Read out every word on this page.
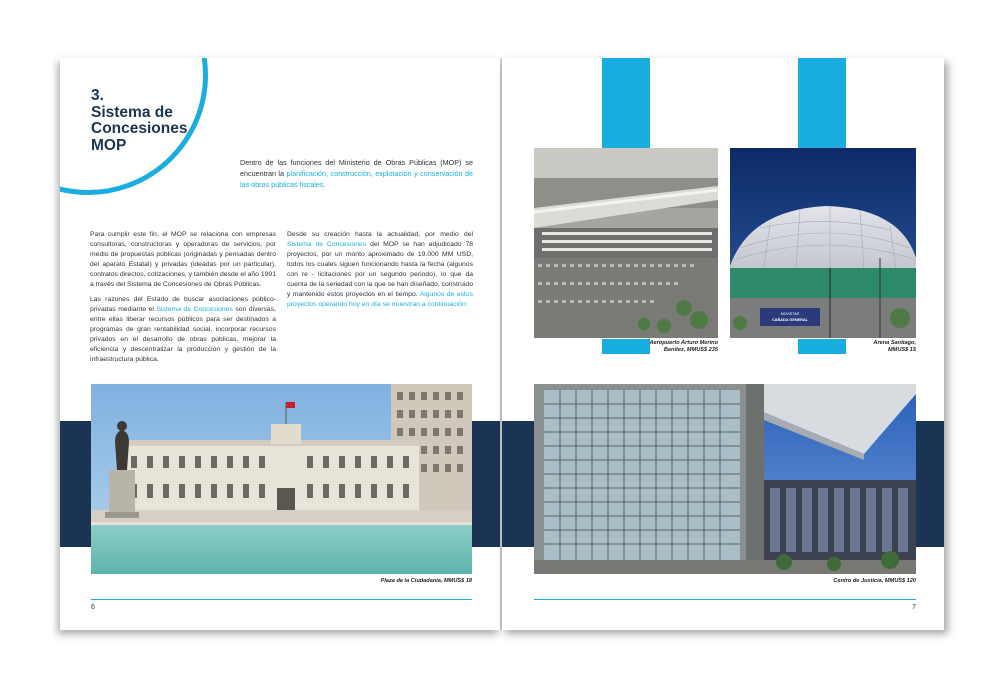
3.
Sistema de
Concesiones
MOP

Dentro de las funciones del Ministerio de Obras Públicas (MOP) se encuentran la planificación, construcción, explotación y conservación de las obras públicas fiscales.

Para cumplir este fin, el MOP se relaciona con empresas consultoras, constructoras y operadoras de servicios, por medio de propuestas públicas (originadas y pensadas dentro del aparato Estatal) y privadas (ideadas por un particular), contratos directos, cotizaciones, y también desde el año 1991 a través del Sistema de Concesiones de Obras Públicas.

Las razones del Estado de buscar asociaciones público-privadas mediante el Sistema de Concesiones son diversas, entre ellas liberar recursos públicos para ser destinados a programas de gran rentabilidad social, incorporar recursos privados en el desarrollo de obras públicas, mejorar la eficiencia y descentralizar la producción y gestión de la infraestructura pública.

Desde su creación hasta la actualidad, por medio del Sistema de Concesiones del MOP se han adjudicado 78 proyectos, por un monto aproximado de 19.000 MM USD, todos los cuales siguen funcionando hasta la fecha (algunos con re - licitaciones por un segundo periodo), lo que da cuenta de la seriedad con la que se han diseñado, construido y mantenido estos proyectos en el tiempo. Algunos de estos proyectos operando hoy en día se muestran a continuación:

Plaza de la Ciudadanía, MMUS$ 18

6

Aeropuerto Arturo Merino
Benítez, MMUS$ 235

MOVISTAR
CAÑADA GENERAL

Arena Santiago,
MMUS$ 15

Centro de Justicia, MMUS$ 120

7
